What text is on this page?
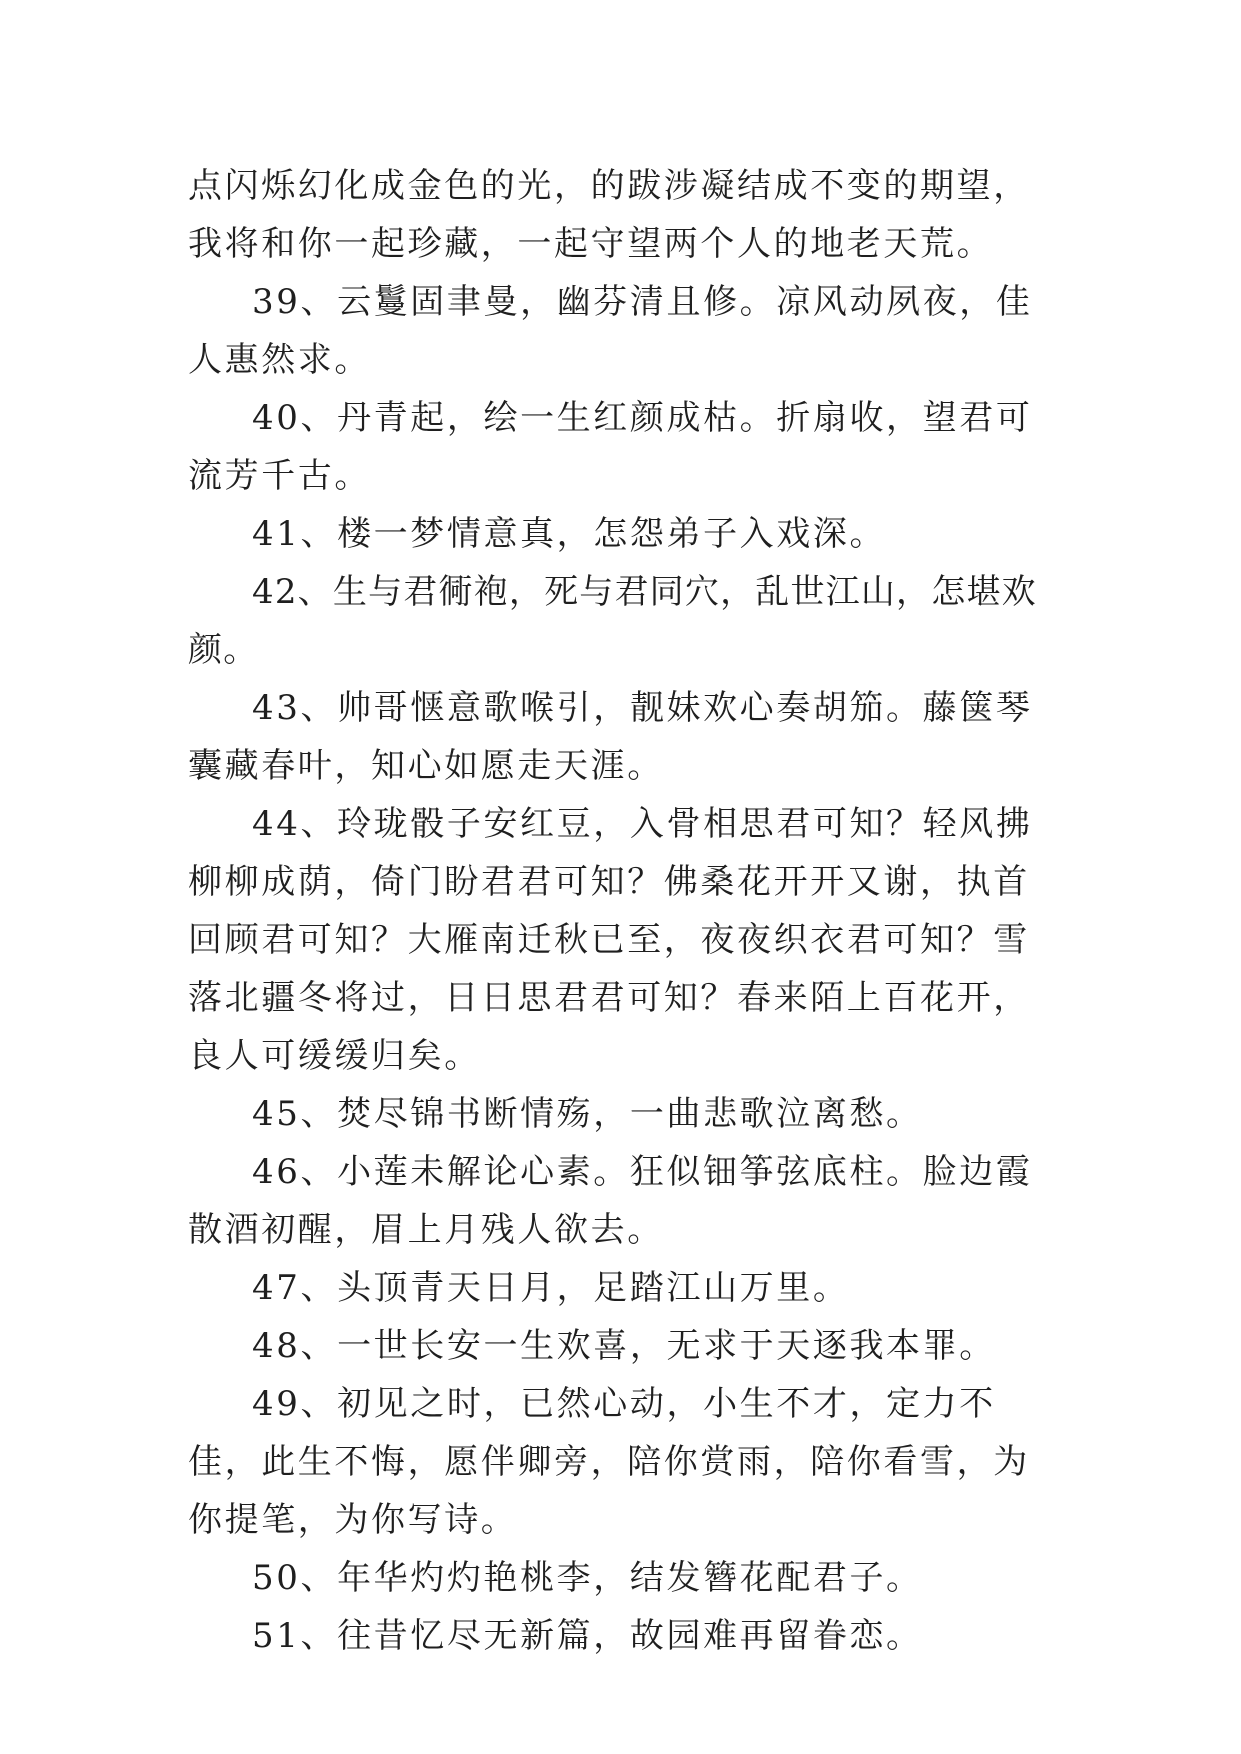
点闪烁幻化成金色的光，的跋涉凝结成不变的期望，我将和你一起珍藏，一起守望两个人的地老天荒。

39、云鬘固聿曼，幽芬清且修。凉风动夙夜，佳人惠然求。

40、丹青起，绘一生红颜成枯。折扇收，望君可流芳千古。

41、楼一梦情意真，怎怨弟子入戏深。

42、生与君衕袍，死与君同穴，乱世江山，怎堪欢颜。

43、帅哥惬意歌喉引，靓妹欢心奏胡笳。藤箧琴囊藏春叶，知心如愿走天涯。

44、玲珑骰子安红豆，入骨相思君可知？轻风拂柳柳成荫，倚门盼君君可知？佛桑花开开又谢，执首回顾君可知？大雁南迁秋已至，夜夜织衣君可知？雪落北疆冬将过，日日思君君可知？春来陌上百花开，良人可缓缓归矣。

45、焚尽锦书断情殇，一曲悲歌泣离愁。

46、小莲未解论心素。狂似钿筝弦底柱。脸边霞散酒初醒，眉上月残人欲去。

47、头顶青天日月，足踏江山万里。

48、一世长安一生欢喜，无求于天逐我本罪。

49、初见之时，已然心动，小生不才，定力不佳，此生不悔，愿伴卿旁，陪你赏雨，陪你看雪，为你提笔，为你写诗。

50、年华灼灼艳桃李，结发簪花配君子。

51、往昔忆尽无新篇，故园难再留眷恋。
